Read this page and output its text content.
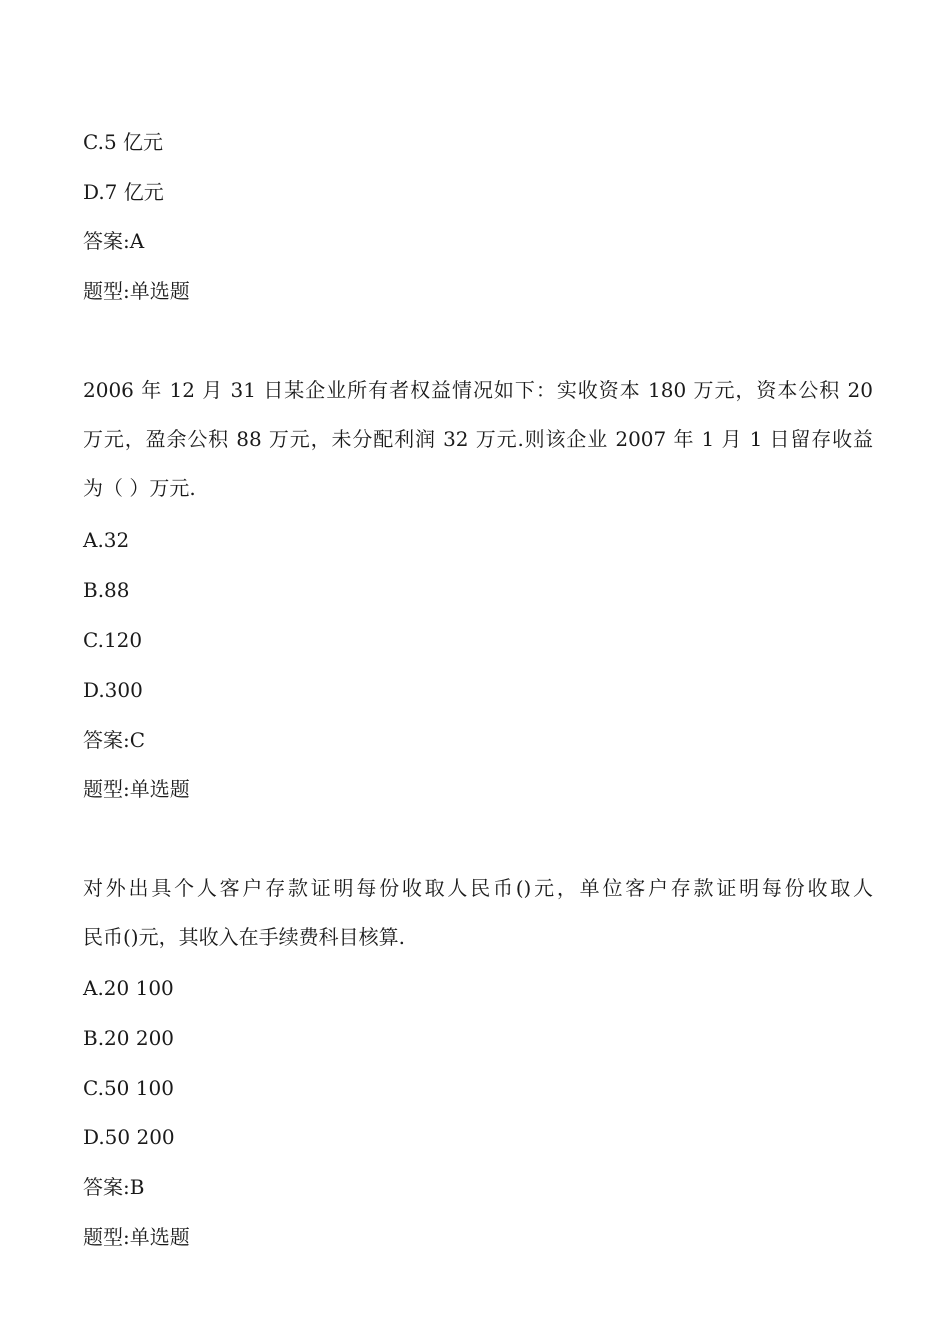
C.5 亿元
D.7 亿元
答案:A
题型:单选题
2006 年 12 月 31 日某企业所有者权益情况如下：实收资本 180 万元，资本公积 20
万元，盈余公积 88 万元，未分配利润 32 万元.则该企业 2007 年 1 月 1 日留存收益
为（ ）万元.
A.32
B.88
C.120
D.300
答案:C
题型:单选题
对外出具个人客户存款证明每份收取人民币()元，单位客户存款证明每份收取人
民币()元，其收入在手续费科目核算.
A.20 100
B.20 200
C.50 100
D.50 200
答案:B
题型:单选题
